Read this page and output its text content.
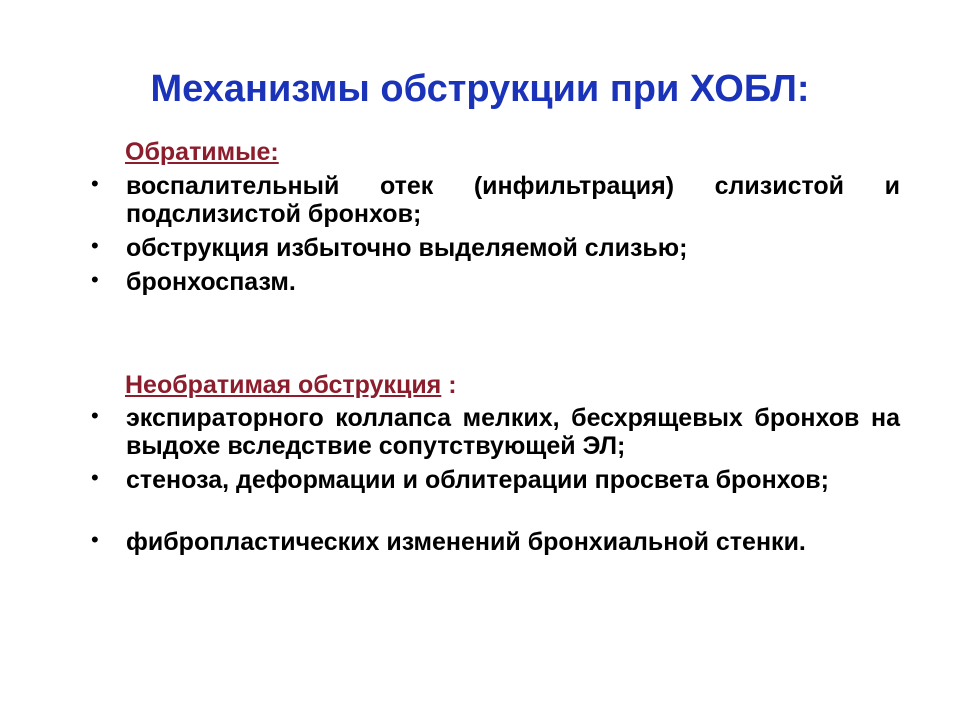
Механизмы обструкции при ХОБЛ:
Обратимые:
• воспалительный отек (инфильтрация) слизистой и подслизистой бронхов;
• обструкция избыточно выделяемой слизью;
• бронхоспазм.
Необратимая обструкция :
• экспираторного коллапса мелких, бесхрящевых бронхов на выдохе вследствие сопутствующей ЭЛ;
• стеноза, деформации и облитерации просвета бронхов;
• фибропластических изменений бронхиальной стенки.
